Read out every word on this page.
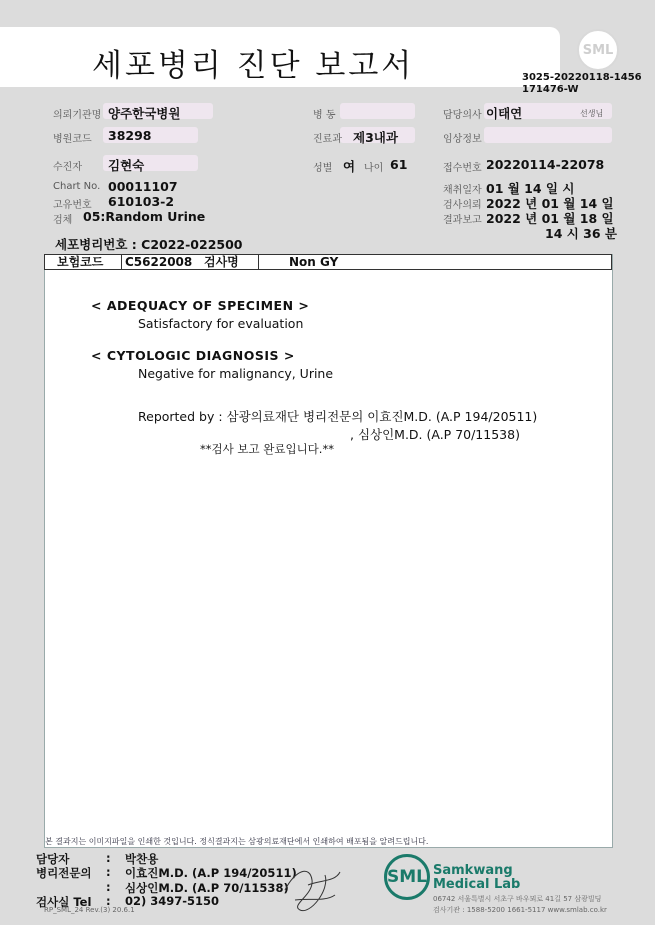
세포병리 진단 보고서	SML
3025-20220118-1456
171476-W
의뢰기관명 양주한국병원	병 동	담당의사 이태연	선생님
병원코드 38298	진료과 제3내과	임상정보
수진자 김현숙	성별 여 나이 61	접수번호 20220114-22078
Chart No. 00011107
고유번호 610103-2
검체 05:Random Urine
채취일자 01 월 14 일 시
검사의뢰 2022 년 01 월 14 일
결과보고 2022 년 01 월 18 일
14 시 36 분
세포병리번호 : C2022-022500
보험코드	C5622008 검사명	Non GY
< ADEQUACY OF SPECIMEN >
Satisfactory for evaluation
< CYTOLOGIC DIAGNOSIS >
Negative for malignancy, Urine
Reported by : 삼광의료재단 병리전문의 이효진M.D. (A.P 194/20511)
, 심상인M.D. (A.P 70/11538)
**검사 보고 완료입니다.**
본 결과지는 이미지파일을 인쇄한 것입니다. 정식결과지는 삼광의료재단에서 인쇄하여 배포됨을 알려드립니다.
담당자	: 박찬용
병리전문의 : 이효진M.D. (A.P 194/20511)
: 심상인M.D. (A.P 70/11538)
검사실 Tel : 02) 3497-5150
RP_SML_24 Rev.(3) 20.6.1
SML Samkwang
Medical Lab
06742 서울특별시 서초구 바우뫼로 41길 57 삼광빌딩
검사기관 : 1588-5200 1661-5117 www.smlab.co.kr
